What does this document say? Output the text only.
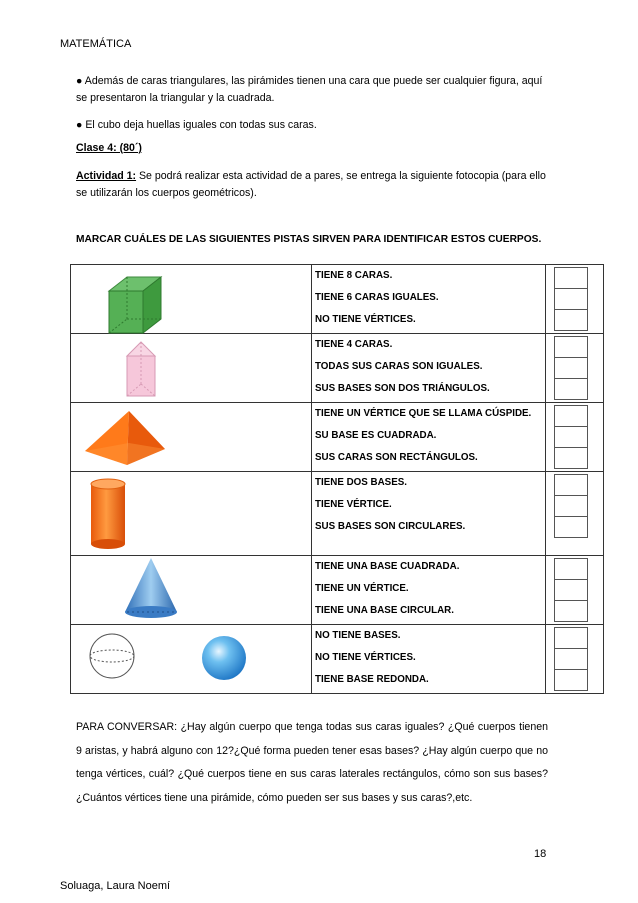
MATEMÁTICA
● Además de caras triangulares, las pirámides tienen una cara que puede ser cualquier figura, aquí se presentaron la triangular y la cuadrada.
● El cubo deja huellas iguales con todas sus caras.
Clase 4: (80´)
Actividad 1: Se podrá realizar esta actividad de a pares, se entrega la siguiente fotocopia (para ello se utilizarán los cuerpos geométricos).
MARCAR CUÁLES DE LAS SIGUIENTES PISTAS SIRVEN PARA IDENTIFICAR ESTOS CUERPOS.

TIENE 8 CARAS.
TIENE 6 CARAS IGUALES.
NO TIENE VÉRTICES.	

TIENE 4 CARAS.
TODAS SUS CARAS SON IGUALES.
SUS BASES SON DOS TRIÁNGULOS.	

TIENE UN VÉRTICE QUE SE LLAMA CÚSPIDE.
SU BASE ES CUADRADA.
SUS CARAS SON RECTÁNGULOS.	

TIENE DOS BASES.
TIENE VÉRTICE.
SUS BASES SON CIRCULARES.	

TIENE UNA BASE CUADRADA.
TIENE UN VÉRTICE.
TIENE UNA BASE CIRCULAR.	

NO TIENE BASES.
NO TIENE VÉRTICES.
TIENE BASE REDONDA.	

PARA CONVERSAR: ¿Hay algún cuerpo que tenga todas sus caras iguales? ¿Qué cuerpos tienen 9 aristas, y habrá alguno con 12?¿Qué forma pueden tener esas bases? ¿Hay algún cuerpo que no tenga vértices, cuál? ¿Qué cuerpos tiene en sus caras laterales rectángulos, cómo son sus bases? ¿Cuántos vértices tiene una pirámide, cómo pueden ser sus bases y sus caras?,etc.
18
Soluaga, Laura Noemí
